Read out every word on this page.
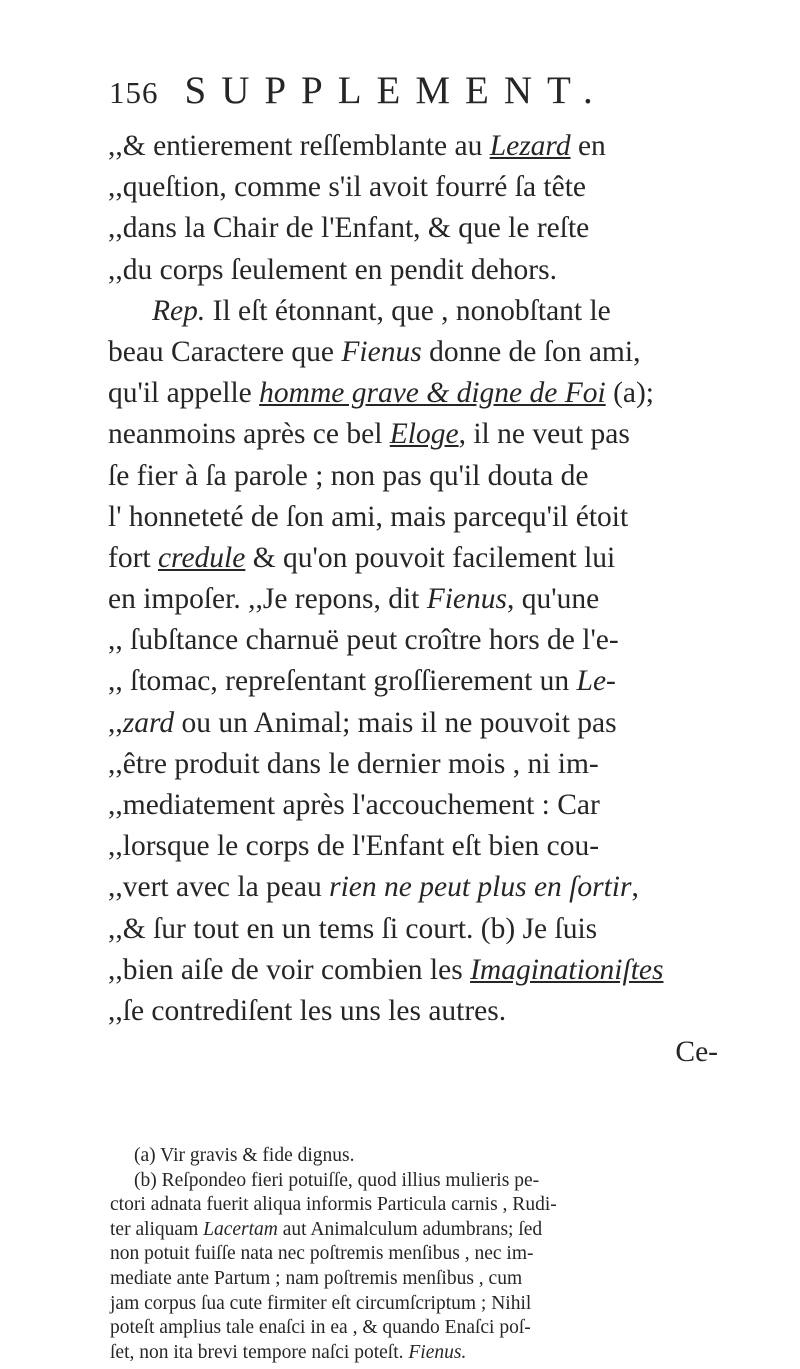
156 SUPPLEMENT.
,,& entierement reſſemblante au Lezard en
,,queſtion, comme s'il avoit fourré ſa tête
,,dans la Chair de l'Enfant, & que le reſte
,,du corps ſeulement en pendit dehors.
Rep. Il eſt étonnant, que , nonobſtant le
beau Caractere que Fienus donne de ſon ami,
qu'il appelle homme grave & digne de Foi (a);
neanmoins après ce bel Eloge, il ne veut pas
ſe fier à ſa parole ; non pas qu'il douta de
l' honneteté de ſon ami, mais parcequ'il étoit
fort credule & qu'on pouvoit facilement lui
en impoſer. ,,Je repons, dit Fienus, qu'une
,, ſubſtance charnuë peut croître hors de l'e-
,, ſtomac, repreſentant groſſierement un Le-
,,zard ou un Animal; mais il ne pouvoit pas
,,être produit dans le dernier mois , ni im-
,,mediatement après l'accouchement : Car
,,lorsque le corps de l'Enfant eſt bien cou-
,,vert avec la peau rien ne peut plus en ſortir,
,,& ſur tout en un tems ſi court. (b) Je ſuis
,,bien aiſe de voir combien les Imaginationiſtes
,,ſe contrediſent les uns les autres.
Ce-
(a) Vir gravis & fide dignus.
(b) Reſpondeo fieri potuiſſe, quod illius mulieris pe-
ctori adnata fuerit aliqua informis Particula carnis , Rudi-
ter aliquam Lacertam aut Animalculum adumbrans; ſed
non potuit fuiſſe nata nec poſtremis menſibus , nec im-
mediate ante Partum ; nam poſtremis menſibus , cum
jam corpus ſua cute firmiter eſt circumſcriptum ; Nihil
poteſt amplius tale enaſci in ea , & quando Enaſci poſ-
ſet, non ita brevi tempore naſci poteſt. Fienus.
